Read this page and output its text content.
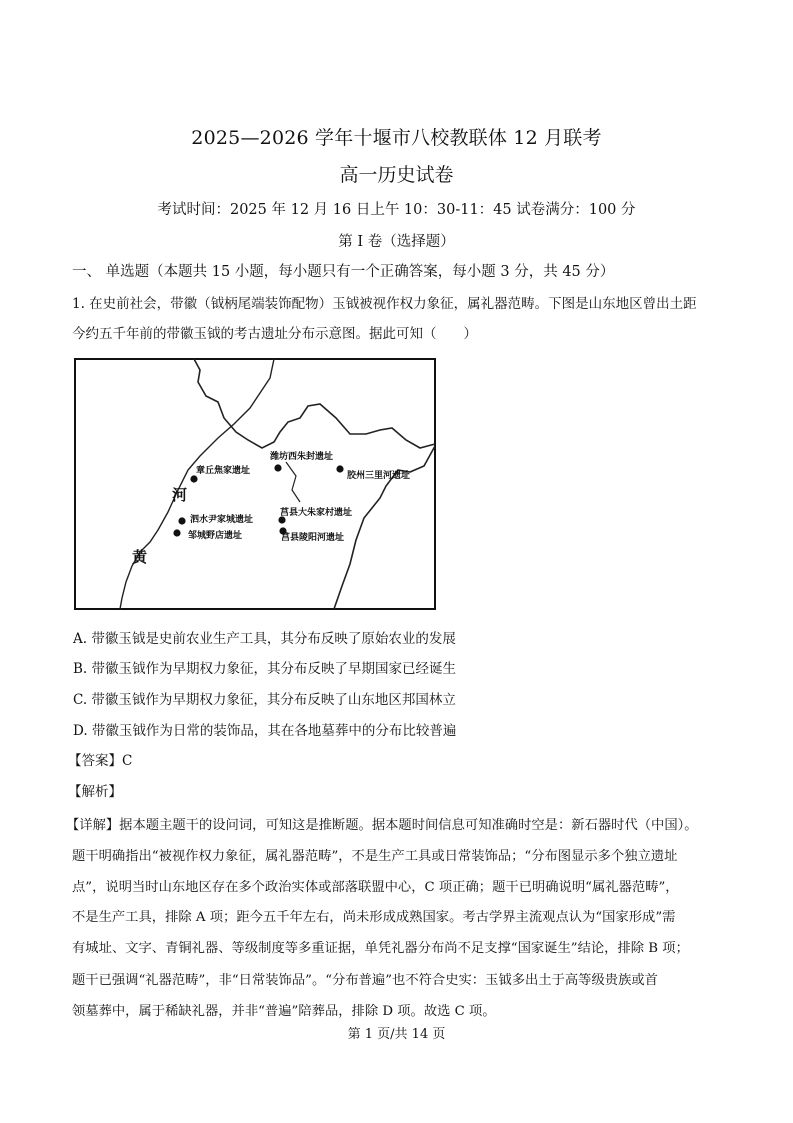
2025—2026 学年十堰市八校教联体 12 月联考
高一历史试卷
考试时间：2025 年 12 月 16 日上午 10：30-11：45 试卷满分：100 分
第 I 卷（选择题）
一、 单选题（本题共 15 小题，每小题只有一个正确答案，每小题 3 分，共 45 分）
1. 在史前社会，带徽（钺柄尾端装饰配物）玉钺被视作权力象征，属礼器范畴。下图是山东地区曾出土距
今约五千年前的带徽玉钺的考古遗址分布示意图。据此可知（　　）
章丘焦家遗址
潍坊西朱封遗址
胶州三里河遗址
莒县大朱家村遗址
莒县陵阳河遗址
泗水尹家城遗址
邹城野店遗址
河
黄
A. 带徽玉钺是史前农业生产工具，其分布反映了原始农业的发展
B. 带徽玉钺作为早期权力象征，其分布反映了早期国家已经诞生
C. 带徽玉钺作为早期权力象征，其分布反映了山东地区邦国林立
D. 带徽玉钺作为日常的装饰品，其在各地墓葬中的分布比较普遍
【答案】C
【解析】
【详解】据本题主题干的设问词，可知这是推断题。据本题时间信息可知准确时空是：新石器时代（中国）。
题干明确指出“被视作权力象征，属礼器范畴”，不是生产工具或日常装饰品；“分布图显示多个独立遗址
点”，说明当时山东地区存在多个政治实体或部落联盟中心，C 项正确；题干已明确说明“属礼器范畴”，
不是生产工具，排除 A 项；距今五千年左右，尚未形成成熟国家。考古学界主流观点认为“国家形成”需
有城址、文字、青铜礼器、等级制度等多重证据，单凭礼器分布尚不足支撑“国家诞生”结论，排除 B 项；
题干已强调“礼器范畴”，非“日常装饰品”。“分布普遍”也不符合史实：玉钺多出土于高等级贵族或首
领墓葬中，属于稀缺礼器，并非“普遍”陪葬品，排除 D 项。故选 C 项。
第 1 页/共 14 页
